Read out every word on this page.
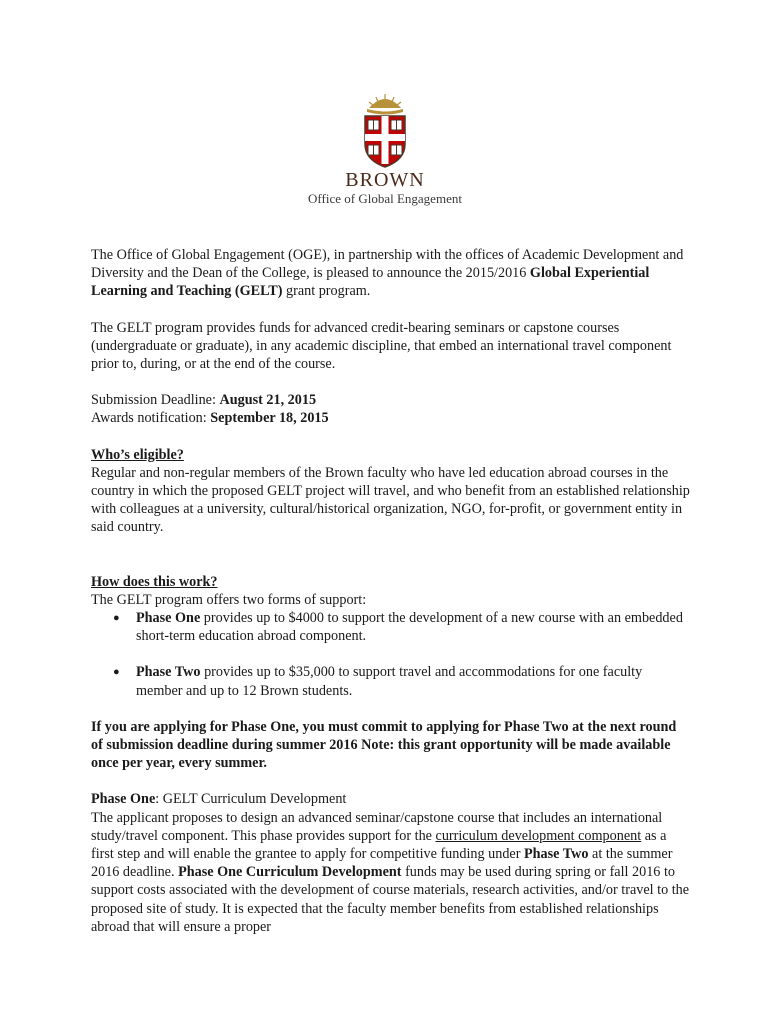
BROWN
Office of Global Engagement

The Office of Global Engagement (OGE), in partnership with the offices of Academic Development and Diversity and the Dean of the College, is pleased to announce the 2015/2016 Global Experiential Learning and Teaching (GELT) grant program.

The GELT program provides funds for advanced credit-bearing seminars or capstone courses (undergraduate or graduate), in any academic discipline, that embed an international travel component prior to, during, or at the end of the course.

Submission Deadline: August 21, 2015

Awards notification: September 18, 2015

Who’s eligible?

Regular and non-regular members of the Brown faculty who have led education abroad courses in the country in which the proposed GELT project will travel, and who benefit from an established relationship with colleagues at a university, cultural/historical organization, NGO, for-profit, or government entity in said country.

How does this work?

The GELT program offers two forms of support:

● Phase One provides up to $4000 to support the development of a new course with an embedded short-term education abroad component.
● Phase Two provides up to $35,000 to support travel and accommodations for one faculty member and up to 12 Brown students.

If you are applying for Phase One, you must commit to applying for Phase Two at the next round of submission deadline during summer 2016 Note: this grant opportunity will be made available once per year, every summer.

Phase One: GELT Curriculum Development

The applicant proposes to design an advanced seminar/capstone course that includes an international study/travel component. This phase provides support for the curriculum development component as a first step and will enable the grantee to apply for competitive funding under Phase Two at the summer 2016 deadline. Phase One Curriculum Development funds may be used during spring or fall 2016 to support costs associated with the development of course materials, research activities, and/or travel to the proposed site of study. It is expected that the faculty member benefits from established relationships abroad that will ensure a proper
